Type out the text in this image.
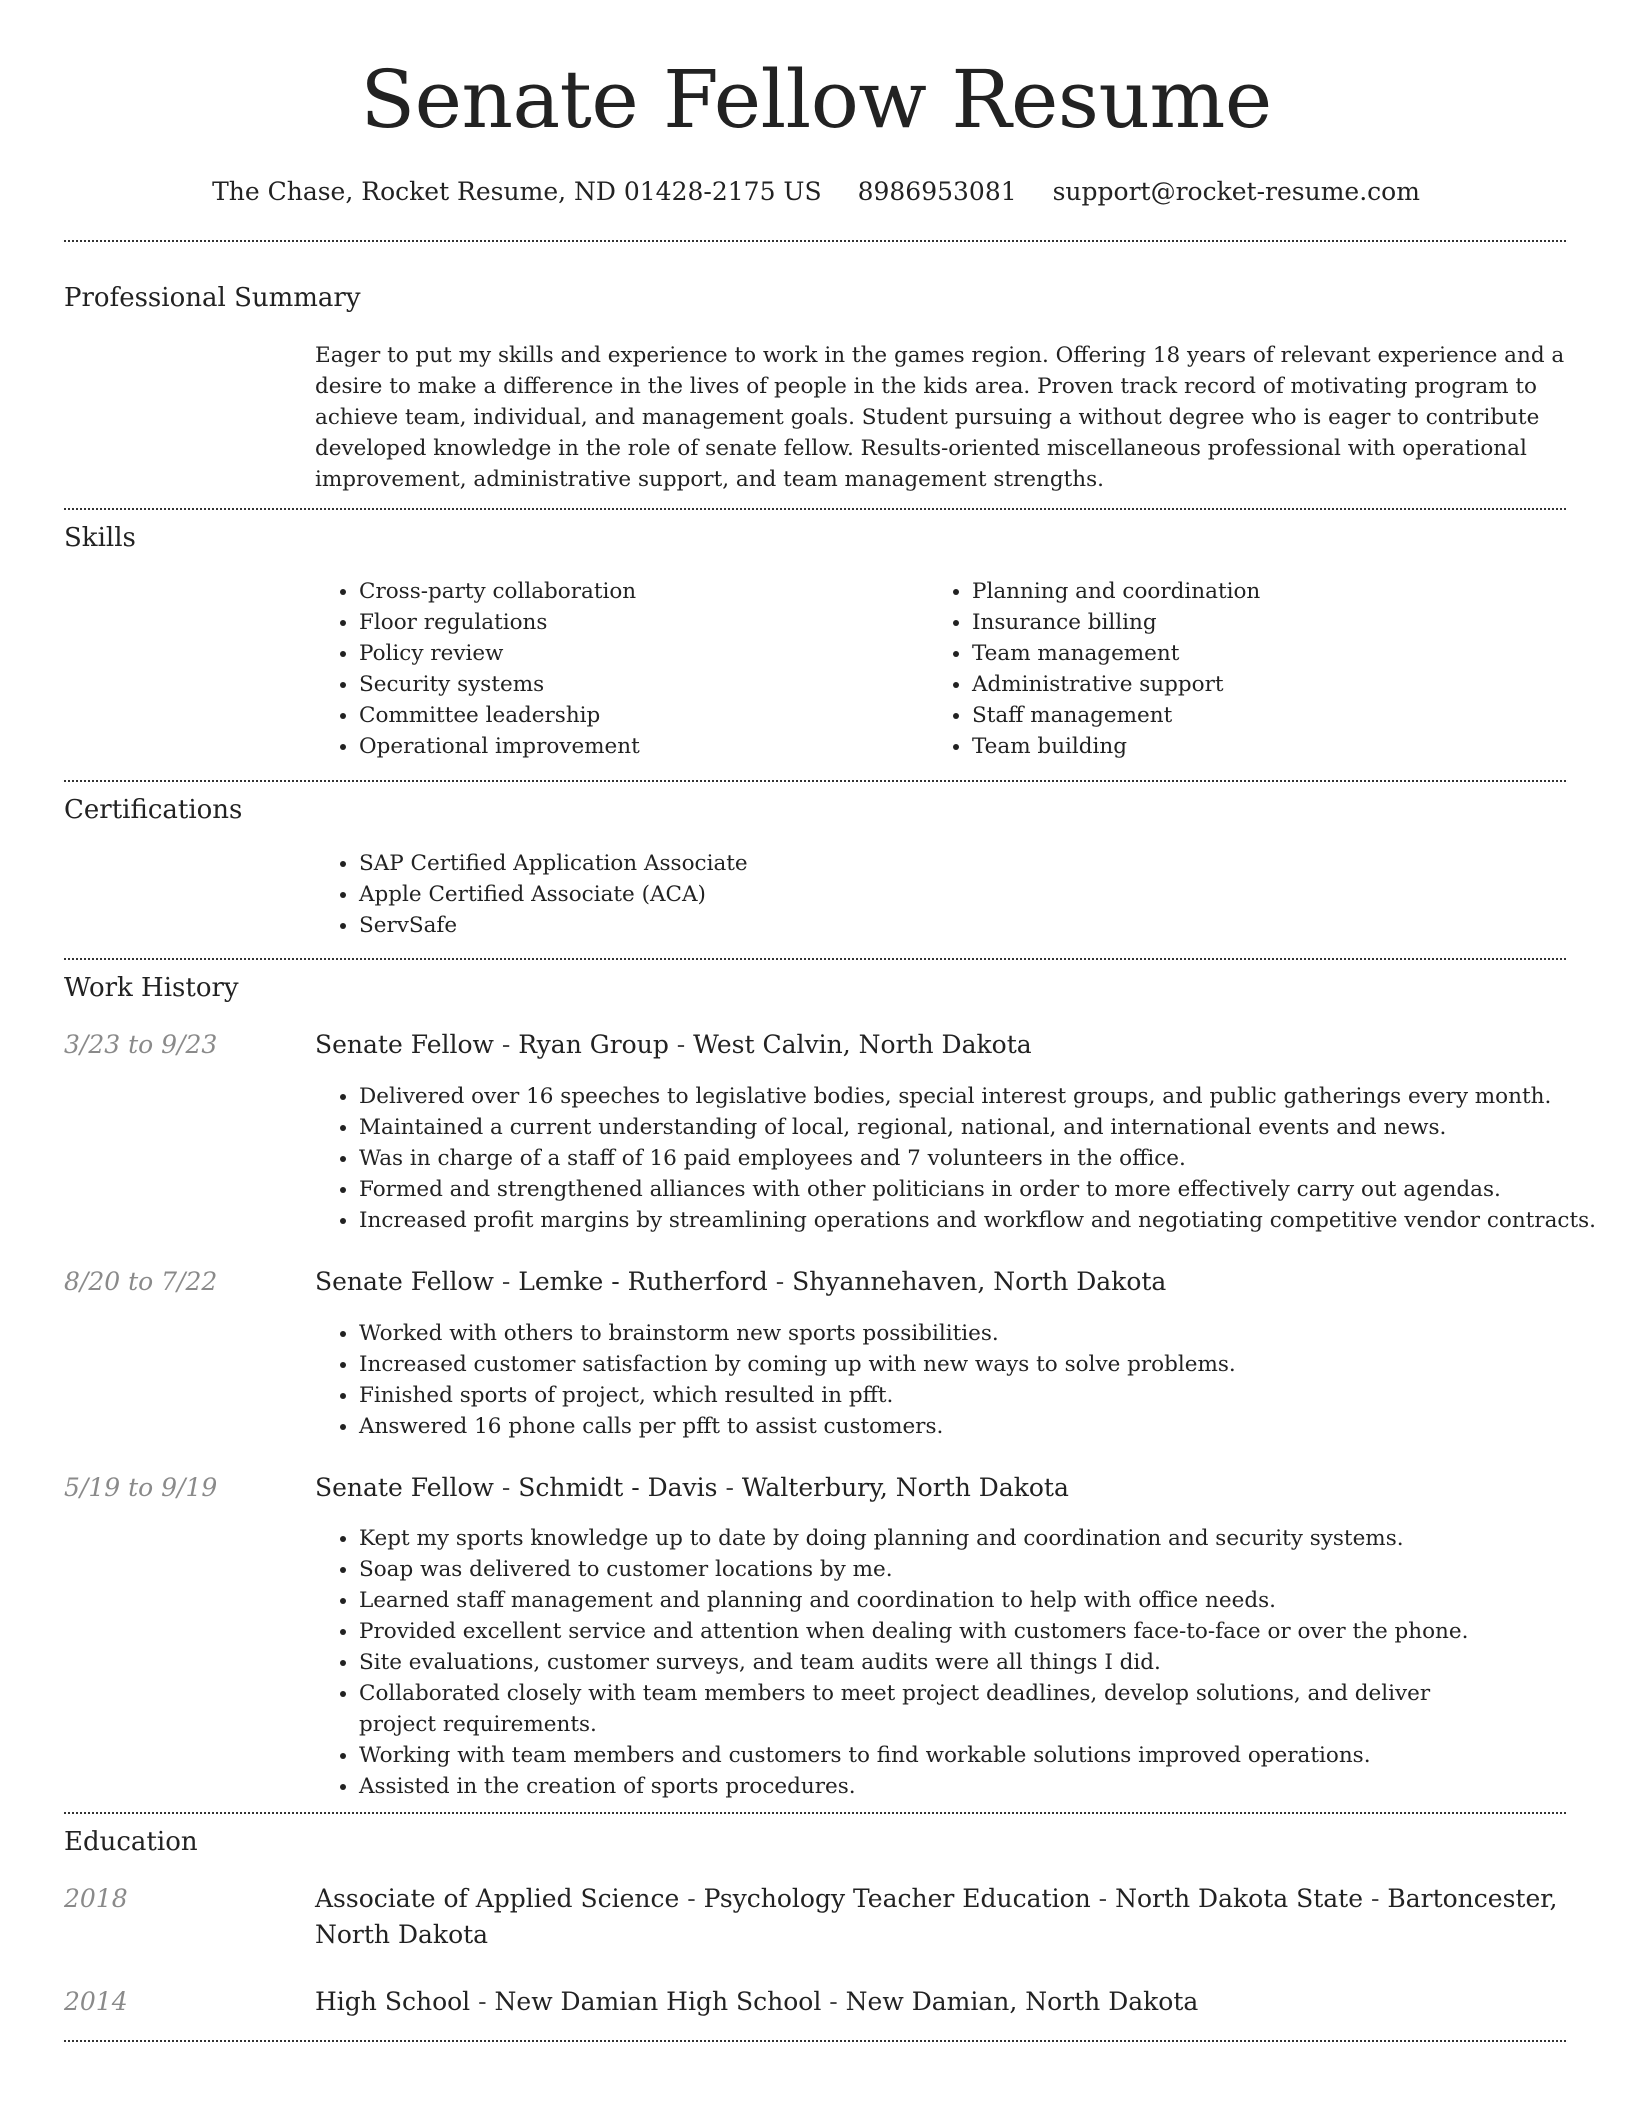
Senate Fellow Resume
The Chase, Rocket Resume, ND 01428-2175 US 8986953081 support@rocket-resume.com
Professional Summary
Eager to put my skills and experience to work in the games region. Offering 18 years of relevant experience and a desire to make a difference in the lives of people in the kids area. Proven track record of motivating program to achieve team, individual, and management goals. Student pursuing a without degree who is eager to contribute developed knowledge in the role of senate fellow. Results-oriented miscellaneous professional with operational improvement, administrative support, and team management strengths.
Skills
• Cross-party collaboration
• Floor regulations
• Policy review
• Security systems
• Committee leadership
• Operational improvement
• Planning and coordination
• Insurance billing
• Team management
• Administrative support
• Staff management
• Team building
Certifications
• SAP Certified Application Associate
• Apple Certified Associate (ACA)
• ServSafe
Work History
3/23 to 9/23	Senate Fellow - Ryan Group - West Calvin, North Dakota
• Delivered over 16 speeches to legislative bodies, special interest groups, and public gatherings every month.
• Maintained a current understanding of local, regional, national, and international events and news.
• Was in charge of a staff of 16 paid employees and 7 volunteers in the office.
• Formed and strengthened alliances with other politicians in order to more effectively carry out agendas.
• Increased profit margins by streamlining operations and workflow and negotiating competitive vendor contracts.
8/20 to 7/22	Senate Fellow - Lemke - Rutherford - Shyannehaven, North Dakota
• Worked with others to brainstorm new sports possibilities.
• Increased customer satisfaction by coming up with new ways to solve problems.
• Finished sports of project, which resulted in pfft.
• Answered 16 phone calls per pfft to assist customers.
5/19 to 9/19	Senate Fellow - Schmidt - Davis - Walterbury, North Dakota
• Kept my sports knowledge up to date by doing planning and coordination and security systems.
• Soap was delivered to customer locations by me.
• Learned staff management and planning and coordination to help with office needs.
• Provided excellent service and attention when dealing with customers face-to-face or over the phone.
• Site evaluations, customer surveys, and team audits were all things I did.
• Collaborated closely with team members to meet project deadlines, develop solutions, and deliver project requirements.
• Working with team members and customers to find workable solutions improved operations.
• Assisted in the creation of sports procedures.
Education
2018	Associate of Applied Science - Psychology Teacher Education - North Dakota State - Bartoncester, North Dakota
2014	High School - New Damian High School - New Damian, North Dakota
